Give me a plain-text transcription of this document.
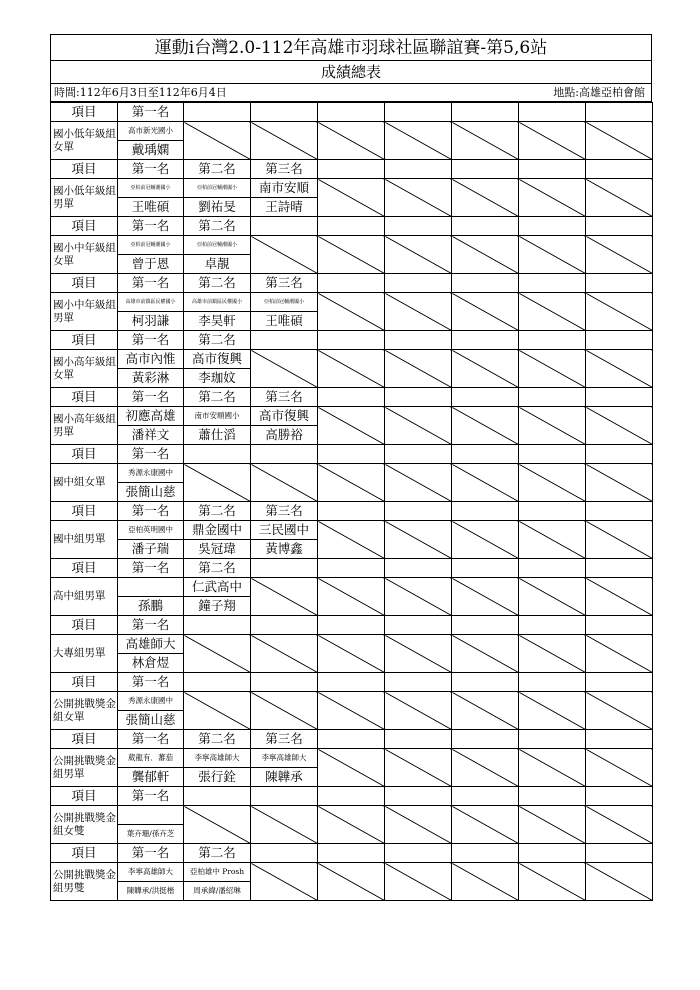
運動i台灣2.0-112年高雄市羽球社區聯誼賽-第5,6站
成績總表
時間:112年6月3日至112年6月4日	地點:高雄亞柏會館
項目	第一名							
國小低年級組女單	高市新光國小							
	戴瑀嫻							
項目	第一名	第二名	第三名					
國小低年級組男單	亞柏前冠輔潮國小	亞柏前冠輔潮國小	南市安順					
	王唯碩	劉祐旻	王詩晴					
項目	第一名	第二名						
國小中年級組女單	亞柏前冠輔潮國小	亞柏前冠輔潮國小						
	曾于恩	卓靚						
項目	第一名	第二名	第三名					
國小中年級組男單	高雄市前鎮區民權國小	高雄市前鎮區民權國小	亞柏前冠輔潮國小					
	柯羽謙	李昊軒	王唯碩					
項目	第一名	第二名						
國小高年級組女單	高市內惟	高市復興						
	黃彩淋	李珈妏						
項目	第一名	第二名	第三名					
國小高年級組男單	初應高雄	南市安順國小	高市復興					
	潘祥文	蕭仕滔	高勝裕					
項目	第一名							
國中組女單	秀源永康國中							
	張簡山慈							
項目	第一名	第二名	第三名					
國中組男單	亞柏英明國中	鼎金國中	三民國中					
	潘子瑞	吳冠瑋	黃博鑫					
項目	第一名	第二名						
高中組男單		仁武高中						
	孫鵬	鐘子翔						
項目	第一名							
大專組男單	高雄師大							
	林倉煜							
項目	第一名							
公開挑戰獎金組女單	秀源永康國中							
	張簡山慈							
項目	第一名	第二名	第三名					
公開挑戰獎金組男單	葳龍有．蕃茄	李寧高雄師大	李寧高雄師大					
	龔郁軒	張行銓	陳韡承					
項目	第一名							
公開挑戰獎金組女雙								
	葉卉珊/孫卉芝							
項目	第一名	第二名						
公開挑戰獎金組男雙	李寧高雄師大	亞柏雄中 Prosh						
	陳韡承/洪挺楷	周承緯/潘紹琳						
